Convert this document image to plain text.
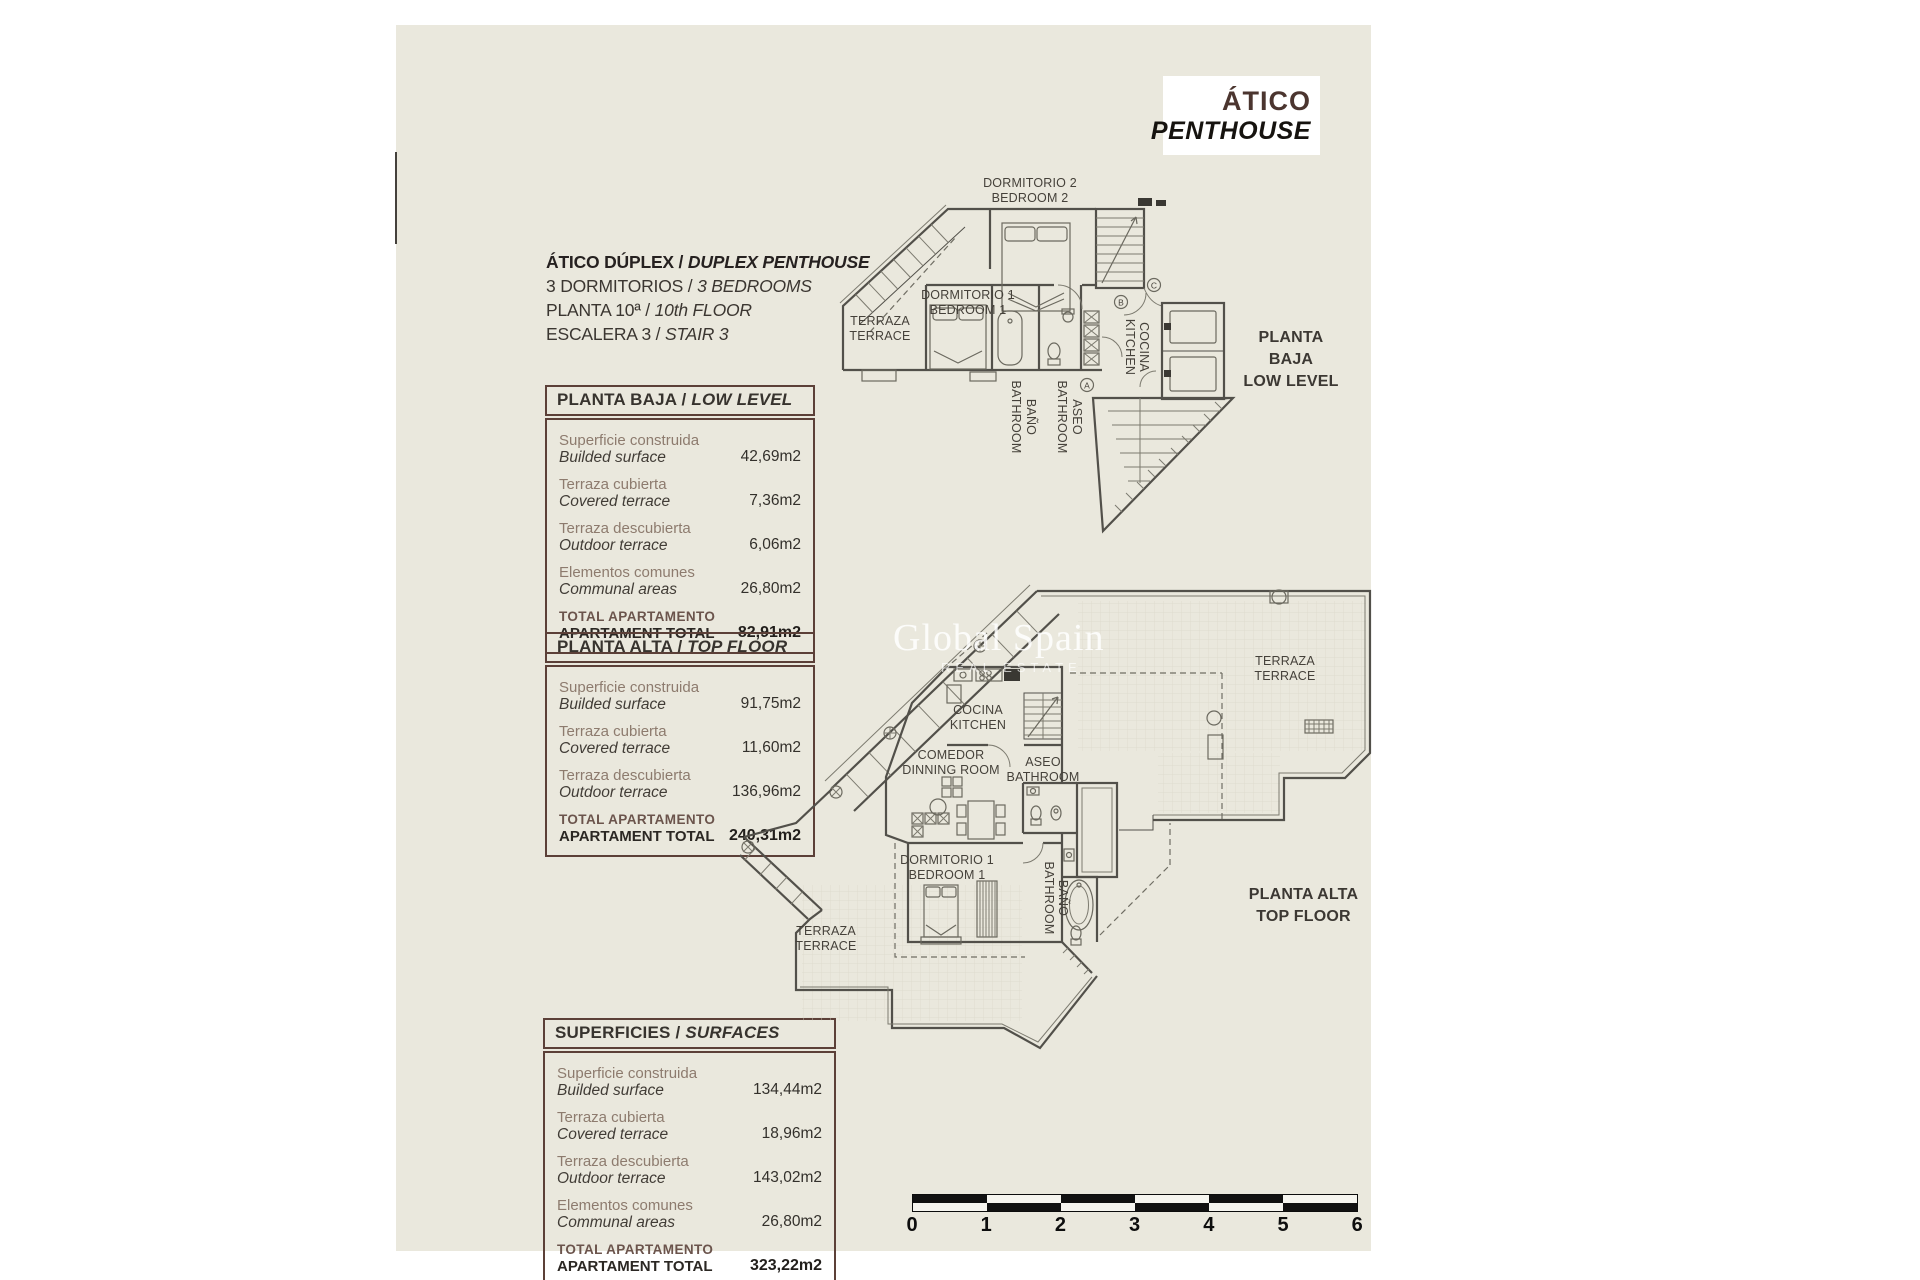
ÁTICO
PENTHOUSE
ÁTICO DÚPLEX / DUPLEX PENTHOUSE
3 DORMITORIOS / 3 BEDROOMS
PLANTA 10ª / 10th FLOOR
ESCALERA 3 / STAIR 3
PLANTA BAJA / LOW LEVEL
Superficie construida
Builded surface	42,69m2
Terraza cubierta
Covered terrace	7,36m2
Terraza descubierta
Outdoor terrace	6,06m2
Elementos comunes
Communal areas	26,80m2
TOTAL APARTAMENTO
APARTAMENT TOTAL 82,91m2
PLANTA ALTA / TOP FLOOR
Superficie construida
Builded surface	91,75m2
Terraza cubierta
Covered terrace	11,60m2
Terraza descubierta
Outdoor terrace	136,96m2
TOTAL APARTAMENTO
APARTAMENT TOTAL 240,31m2
SUPERFICIES / SURFACES
Superficie construida
Builded surface	134,44m2
Terraza cubierta
Covered terrace	18,96m2
Terraza descubierta
Outdoor terrace	143,02m2
Elementos comunes
Communal areas	26,80m2
TOTAL APARTAMENTO
APARTAMENT TOTAL 323,22m2
A
B
C
DORMITORIO 2
BEDROOM 2
DORMITORIO 1
BEDROOM 1
TERRAZA
TERRACE	KITCHEN COCINA
BATHROOM BAÑO BATHROOM ASEO
TERRAZA
TERRACE
COCINA
KITCHEN
COMEDOR
DINNING ROOM
ASEO
BATHROOM
DORMITORIO 1
BEDROOM 1	BATHROOM BAÑO
TERRAZA
TERRACE
PLANTA BAJA
LOW LEVEL
PLANTA ALTA
TOP FLOOR
Global Spain
REAL ESTATE
0	1	2	3	4	5	6
